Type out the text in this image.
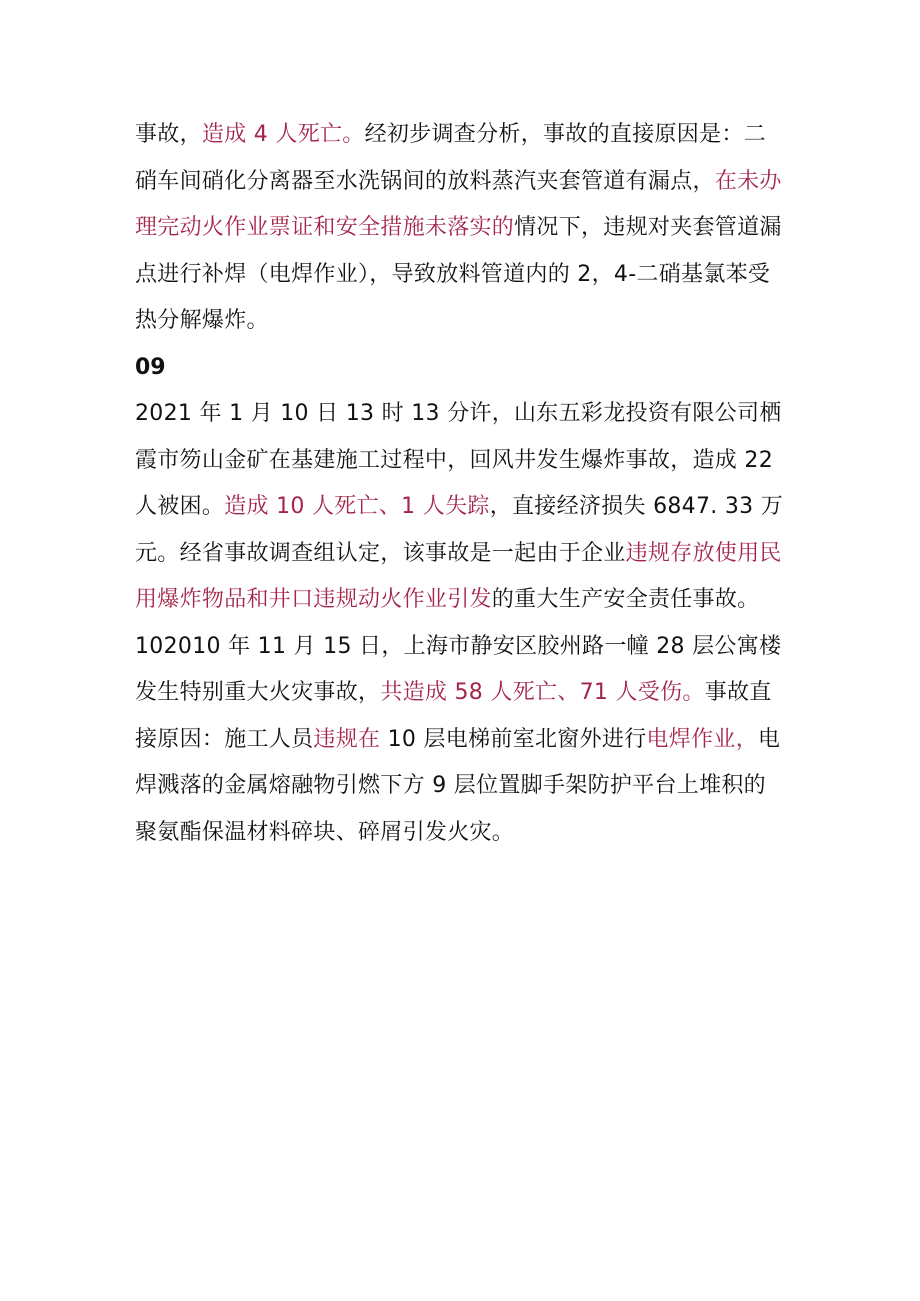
事故，造成 4 人死亡。经初步调查分析，事故的直接原因是：二硝车间硝化分离器至水洗锅间的放料蒸汽夹套管道有漏点，在未办理完动火作业票证和安全措施未落实的情况下，违规对夹套管道漏点进行补焊（电焊作业），导致放料管道内的 2，4-二硝基氯苯受热分解爆炸。

09

2021 年 1 月 10 日 13 时 13 分许，山东五彩龙投资有限公司栖霞市笏山金矿在基建施工过程中，回风井发生爆炸事故，造成 22 人被困。造成 10 人死亡、1 人失踪，直接经济损失 6847. 33 万元。经省事故调查组认定，该事故是一起由于企业违规存放使用民用爆炸物品和井口违规动火作业引发的重大生产安全责任事故。

102010 年 11 月 15 日，上海市静安区胶州路一幢 28 层公寓楼发生特别重大火灾事故，共造成 58 人死亡、71 人受伤。事故直接原因：施工人员违规在 10 层电梯前室北窗外进行电焊作业，电焊溅落的金属熔融物引燃下方 9 层位置脚手架防护平台上堆积的聚氨酯保温材料碎块、碎屑引发火灾。
